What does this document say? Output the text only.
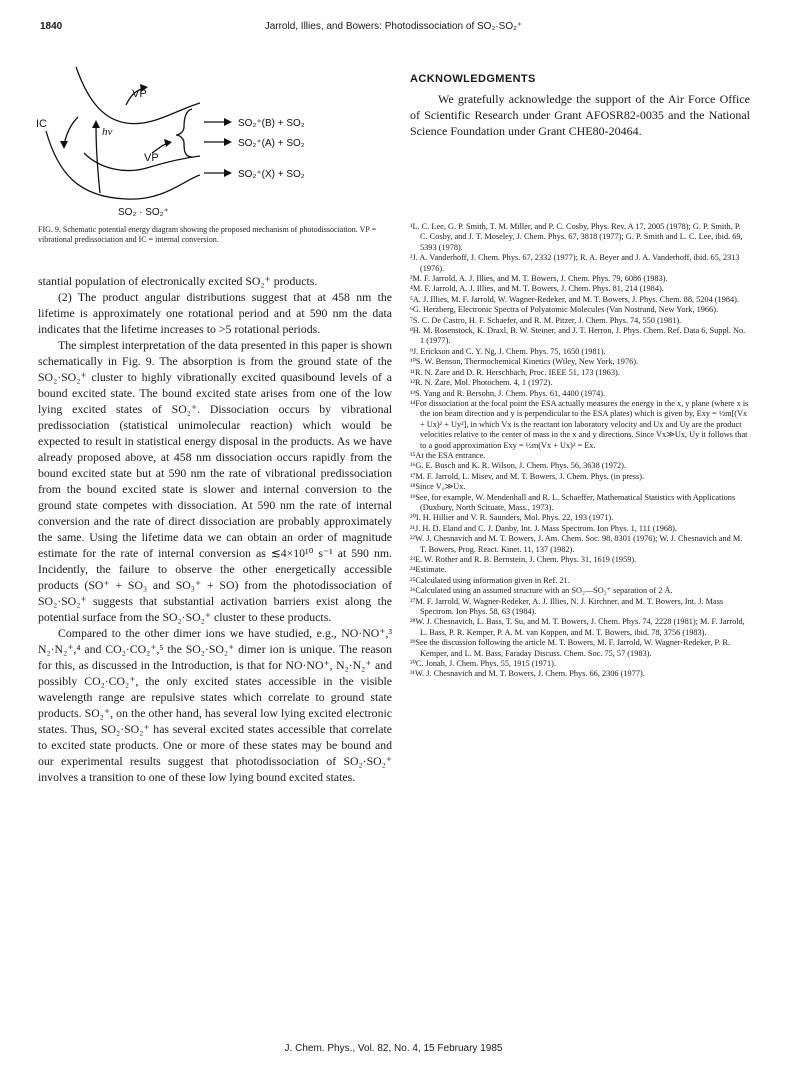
1840	Jarrold, Illies, and Bowers: Photodissociation of SO₂·SO₂⁺
IC
VP
hν
VP
SO₂ · SO₂⁺
SO₂⁺(B) + SO₂
SO₂⁺(A) + SO₂
SO₂⁺(X) + SO₂
FIG. 9. Schematic potential energy diagram showing the proposed mechanism of photodissociation. VP = vibrational predissociation and IC = internal conversion.

stantial population of electronically excited SO₂⁺ products.

(2) The product angular distributions suggest that at 458 nm the lifetime is approximately one rotational period and at 590 nm the data indicates that the lifetime increases to >5 rotational periods.

The simplest interpretation of the data presented in this paper is shown schematically in Fig. 9. The absorption is from the ground state of the SO₂·SO₂⁺ cluster to highly vibrationally excited quasibound levels of a bound excited state. The bound excited state arises from one of the low lying excited states of SO₂⁺. Dissociation occurs by vibrational predissociation (statistical unimolecular reaction) which would be expected to result in statistical energy disposal in the products. As we have already proposed above, at 458 nm dissociation occurs rapidly from the bound excited state but at 590 nm the rate of vibrational predissociation from the bound excited state is slower and internal conversion to the ground state competes with dissociation. At 590 nm the rate of internal conversion and the rate of direct dissociation are probably approximately the same. Using the lifetime data we can obtain an order of magnitude estimate for the rate of internal conversion as ≲4×10¹⁰ s⁻¹ at 590 nm. Incidently, the failure to observe the other energetically accessible products (SO⁺ + SO₃ and SO₃⁺ + SO) from the photodissociation of SO₂·SO₂⁺ suggests that substantial activation barriers exist along the potential surface from the SO₂·SO₂⁺ cluster to these products.

Compared to the other dimer ions we have studied, e.g., NO·NO⁺,³ N₂·N₂⁺,⁴ and CO₂·CO₂⁺,⁵ the SO₂·SO₂⁺ dimer ion is unique. The reason for this, as discussed in the Introduction, is that for NO·NO⁺, N₂·N₂⁺ and possibly CO₂·CO₂⁺, the only excited states accessible in the visible wavelength range are repulsive states which correlate to ground state products. SO₂⁺, on the other hand, has several low lying excited electronic states. Thus, SO₂·SO₂⁺ has several excited states accessible that correlate to excited state products. One or more of these states may be bound and our experimental results suggest that photodissociation of SO₂·SO₂⁺ involves a transition to one of these low lying bound excited states.

ACKNOWLEDGMENTS

We gratefully acknowledge the support of the Air Force Office of Scientific Research under Grant AFOSR82-0035 and the National Science Foundation under Grant CHE80-20464.

¹L. C. Lee, G. P. Smith, T. M. Miller, and P. C. Cosby, Phys. Rev. A 17, 2005 (1978); G. P. Smith, P. C. Cosby, and J. T. Moseley, J. Chem. Phys. 67, 3818 (1977); G. P. Smith and L. C. Lee, ibid. 69, 5393 (1978).

²J. A. Vanderhoff, J. Chem. Phys. 67, 2332 (1977); R. A. Beyer and J. A. Vanderhoff, ibid. 65, 2313 (1976).

³M. F. Jarrold, A. J. Illies, and M. T. Bowers, J. Chem. Phys. 79, 6086 (1983).

⁴M. F. Jarrold, A. J. Illies, and M. T. Bowers, J. Chem. Phys. 81, 214 (1984).

⁵A. J. Illies, M. F. Jarrold, W. Wagner-Redeker, and M. T. Bowers, J. Phys. Chem. 88, 5204 (1984).

⁶G. Herzberg, Electronic Spectra of Polyatomic Molecules (Van Nostrand, New York, 1966).

⁷S. C. De Castro, H. F. Schaefer, and R. M. Pitzer, J. Chem. Phys. 74, 550 (1981).

⁸H. M. Rosenstock, K. Draxl, B. W. Steiner, and J. T. Herron, J. Phys. Chem. Ref. Data 6, Suppl. No. 1 (1977).

⁹J. Erickson and C. Y. Ng, J. Chem. Phys. 75, 1650 (1981).

¹⁰S. W. Benson, Thermochemical Kinetics (Wiley, New York, 1976).

¹¹R. N. Zare and D. R. Herschbach, Proc. IEEE 51, 173 (1963).

¹²R. N. Zare, Mol. Photochem. 4, 1 (1972).

¹³S. Yang and R. Bersohn, J. Chem. Phys. 61, 4400 (1974).

¹⁴For dissociation at the focal point the ESA actually measures the energy in the x, y plane (where x is the ion beam direction and y is perpendicular to the ESA plates) which is given by, Exy = ½m[(Vx + Ux)² + Uy²], in which Vx is the reactant ion laboratory velocity and Ux and Uy are the product velocities relative to the center of mass in the x and y directions. Since Vx≫Ux, Uy it follows that to a good approximation Exy = ½m(Vx + Ux)² = Ex.

¹⁵At the ESA entrance.

¹⁶G. E. Busch and K. R. Wilson, J. Chem. Phys. 56, 3638 (1972).

¹⁷M. F. Jarrold, L. Misev, and M. T. Bowers, J. Chem. Phys. (in press).

¹⁸Since V₀≫Ux.

¹⁹See, for example, W. Mendenhall and R. L. Schaeffer, Mathematical Statistics with Applications (Duxbury, North Scituate, Mass., 1973).

²⁰I. H. Hillier and V. R. Saunders, Mol. Phys. 22, 193 (1971).

²¹J. H. D. Eland and C. J. Danby, Int. J. Mass Spectrom. Ion Phys. 1, 111 (1968).

²²W. J. Chesnavich and M. T. Bowers, J. Am. Chem. Soc. 98, 8301 (1976); W. J. Chesnavich and M. T. Bowers, Prog. React. Kinet. 11, 137 (1982).

²³E. W. Rother and R. B. Bernstein, J. Chem. Phys. 31, 1619 (1959).

²⁴Estimate.

²⁵Calculated using information given in Ref. 21.

²⁶Calculated using an assumed structure with an SO₂—SO₂⁺ separation of 2 Å.

²⁷M. F. Jarrold, W. Wagner-Redeker, A. J. Illies, N. J. Kirchner, and M. T. Bowers, Int. J. Mass Spectrom. Ion Phys. 58, 63 (1984).

²⁸W. J. Chesnavich, L. Bass, T. Su, and M. T. Bowers, J. Chem. Phys. 74, 2228 (1981); M. F. Jarrold, L. Bass, P. R. Kemper, P. A. M. van Koppen, and M. T. Bowers, ibid. 78, 3756 (1983).

²⁹See the discussion following the article M. T. Bowers, M. F. Jarrold, W. Wagner-Redeker, P. R. Kemper, and L. M. Bass, Faraday Discuss. Chem. Soc. 75, 57 (1983).

³⁰C. Jonah, J. Chem. Phys. 55, 1915 (1971).

³¹W. J. Chesnavich and M. T. Bowers, J. Chem. Phys. 66, 2306 (1977).

J. Chem. Phys., Vol. 82, No. 4, 15 February 1985
